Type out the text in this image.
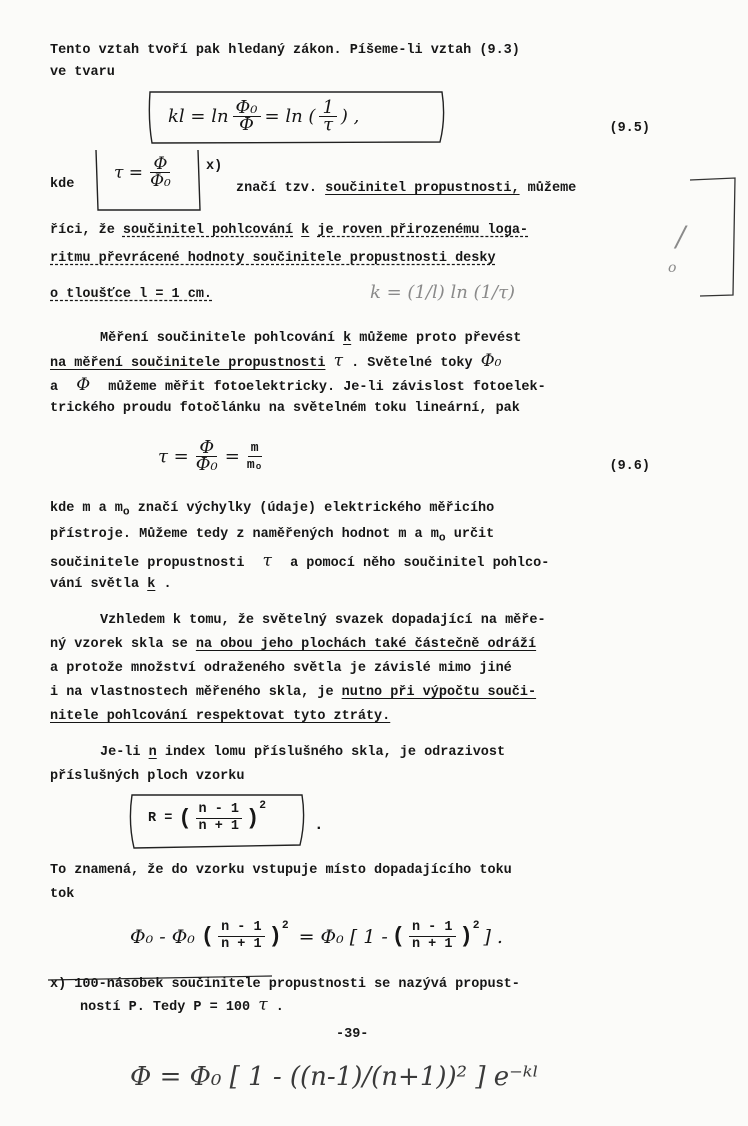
Tento vztah tvoří pak hledaný zákon. Píšeme-li vztah (9.3)
ve tvaru
kl = $\ln \frac{\text{Φ₀}}{\Phi} = \ln$ ( $\frac{1}{\tau}$ ) ,
(9.5)
kde
$\tau = \frac{\Phi}{\text{Φ₀}} x$)
značí tzv. součinitel propustnosti, můžeme
říci, že součinitel pohlcování k je roven přirozenému loga-
ritmu převrácené hodnoty součinitele propustnosti desky
o tloušťce l = 1 cm.	k = (1/l) ln (1/τ)
/
o
Měření součinitele pohlcování k můžeme proto převést
na měření součinitele propustnosti τ . Světelné toky Φ₀
a Φ můžeme měřit fotoelektricky. Je-li závislost fotoelek-
trického proudu fotočlánku na světelném toku lineární, pak
$\tau = \frac{\Phi}{\text{Φ₀}} = \frac{m}{\text{mₒ}}$	(9.6)
kde m a $m_o$ značí výchylky (údaje) elektrického měřicího
přístroje. Můžeme tedy z naměřených hodnot m a $m_o$ určit
součinitele propustnosti τ a pomocí něho součinitel pohlco-
vání světla k .
Vzhledem k tomu, že světelný svazek dopadající na měře-
ný vzorek skla se na obou jeho plochách také částečně odráží
a protože množství odraženého světla je závislé mimo jiné
i na vlastnostech měřeného skla, je nutno při výpočtu souči-
nitele pohlcování respektovat tyto ztráty.
Je-li n index lomu příslušného skla, je odrazivost
příslušných ploch vzorku
R = ( $\frac{n - 1}{n + 1} )^2$
.
To znamená, že do vzorku vstupuje místo dopadajícího toku
tok
Φ₀ - Φ₀ ( $\frac{n - 1}{n + 1} )^2 = \Phi_0$ [ 1 - ( $\frac{n - 1}{n + 1} )^2$ ] .
x) 100-násobek součinitele propustnosti se nazývá propust-
ností P. Tedy P = 100 τ .
-39-
Φ = Φ₀ [ 1 - ((n-1)/(n+1))² ] e⁻ᵏˡ
